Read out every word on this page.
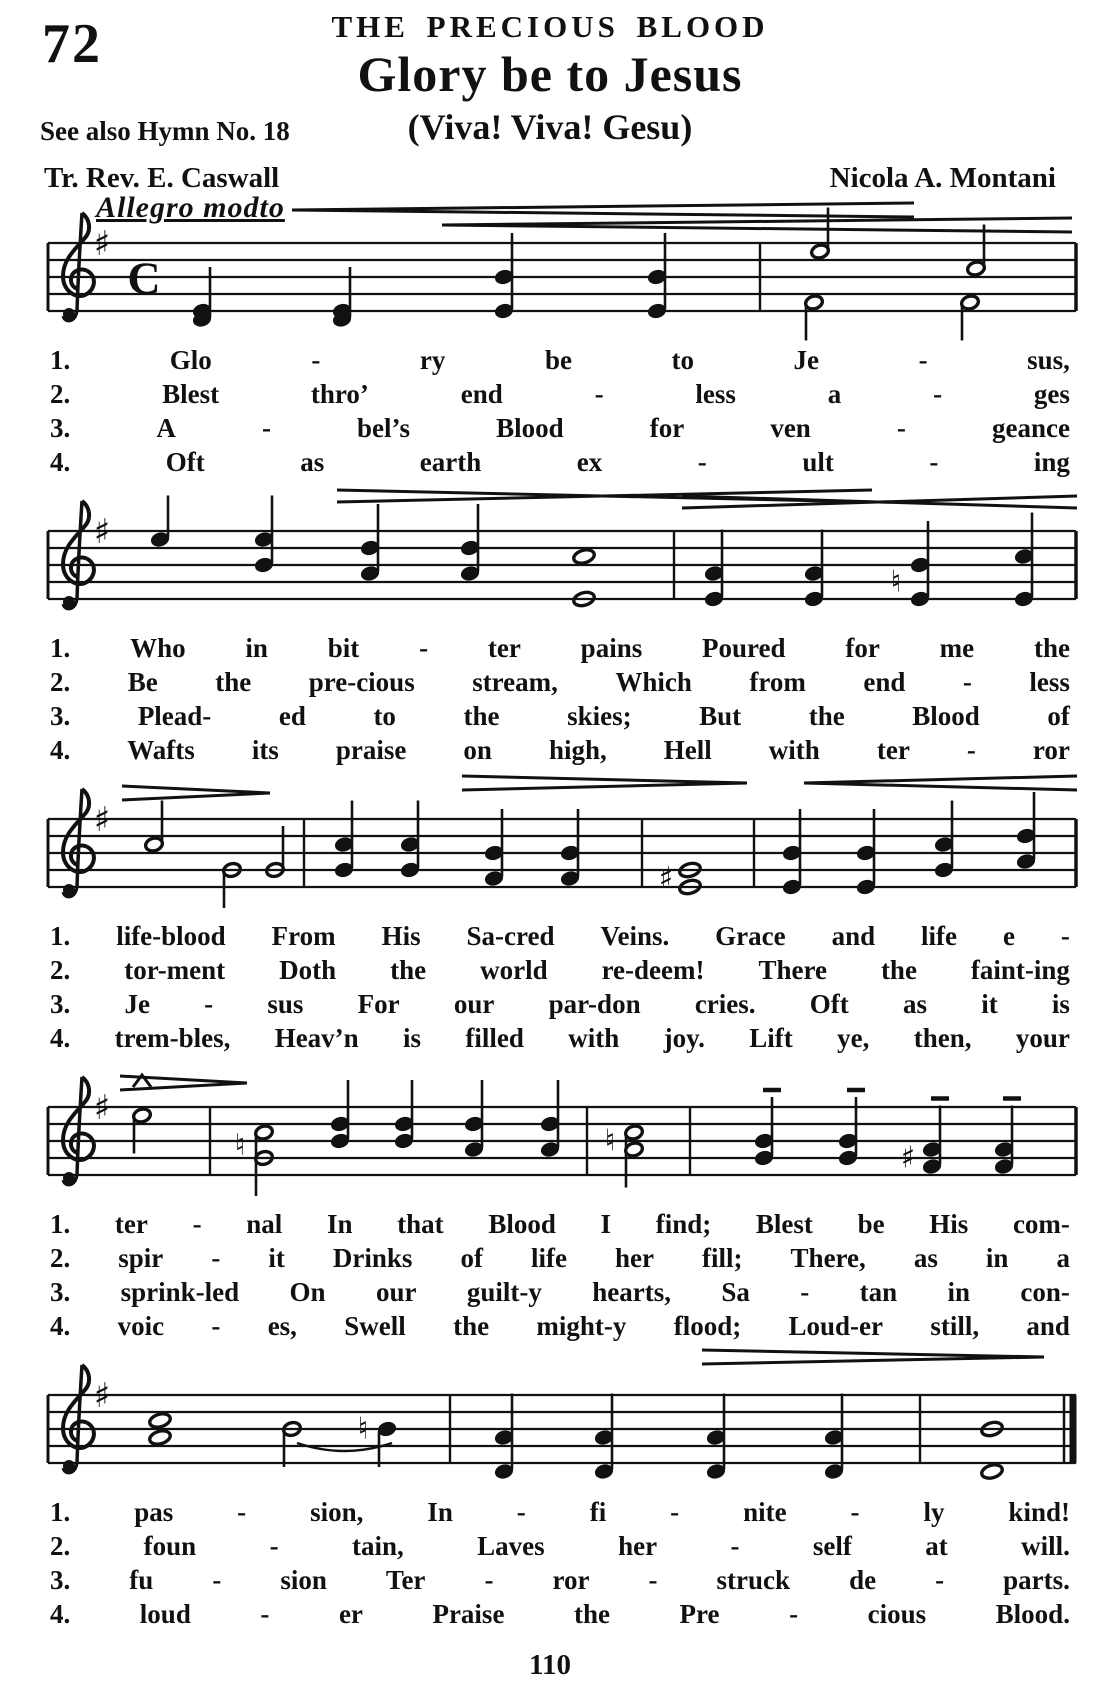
72	THE PRECIOUS BLOOD
Glory be to Jesus
See also Hymn No. 18	(Viva! Viva! Gesu)
Tr. Rev. E. Caswall	Nicola A. Montani
Allegro modto
♯
C
1.	Glo	-	ry	be	to	Je	-	sus,
2.	Blest	thro’	end	-	less	a	-	ges
3.	A	-	bel’s	Blood	for	ven	-	geance
4.	Oft	as	earth	ex	-	ult	-	ing
♯
♮
1. Who in bit - ter pains Poured for me the
2. Be the pre-cious stream, Which from end - less
3.	Plead-	ed	to	the	skies;	But	the	Blood	of
4. Wafts its praise on high, Hell with ter - ror
♯
♯
1. life-blood From His Sa-cred Veins. Grace and life e -
2. tor-ment Doth the world re-deem! There the faint-ing
3. Je - sus For our par-don cries. Oft as it is
4. trem-bles, Heav’n is filled with joy. Lift ye, then, your
♯
♮	♮	♯
1. ter - nal In that Blood I find; Blest be His com-
2. spir - it Drinks of life her fill; There, as in a
3. sprink-led On our guilt-y hearts, Sa - tan in con-
4. voic - es, Swell the might-y flood; Loud-er still, and
♯
♮
1. pas - sion, In - fi - nite - ly kind!
2.	foun	-	tain,	Laves	her	-	self	at	will.
3. fu - sion Ter - ror - struck de - parts.
4.	loud	-	er	Praise	the	Pre	-	cious	Blood.
110
